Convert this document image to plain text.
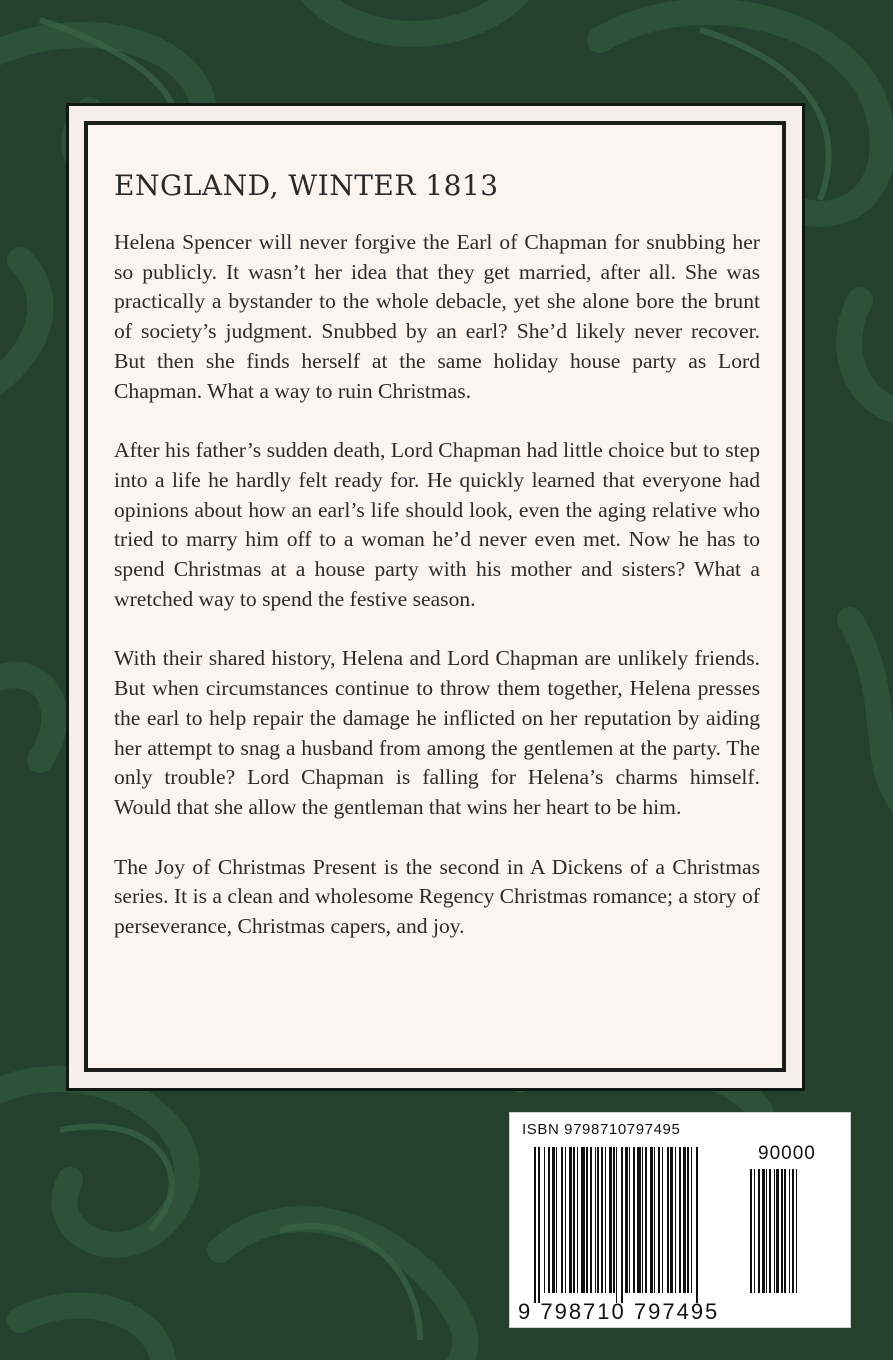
ENGLAND, WINTER 1813

Helena Spencer will never forgive the Earl of Chapman for snubbing her so publicly. It wasn’t her idea that they get married, after all. She was practically a bystander to the whole debacle, yet she alone bore the brunt of society’s judgment. Snubbed by an earl? She’d likely never recover. But then she finds herself at the same holiday house party as Lord Chapman. What a way to ruin Christmas.

After his father’s sudden death, Lord Chapman had little choice but to step into a life he hardly felt ready for. He quickly learned that everyone had opinions about how an earl’s life should look, even the aging relative who tried to marry him off to a woman he’d never even met. Now he has to spend Christmas at a house party with his mother and sisters? What a wretched way to spend the festive season.

With their shared history, Helena and Lord Chapman are unlikely friends. But when circumstances continue to throw them together, Helena presses the earl to help repair the damage he inflicted on her reputation by aiding her attempt to snag a husband from among the gentlemen at the party. The only trouble? Lord Chapman is falling for Helena’s charms himself. Would that she allow the gentleman that wins her heart to be him.

The Joy of Christmas Present is the second in A Dickens of a Christmas series. It is a clean and wholesome Regency Christmas romance; a story of perseverance, Christmas capers, and joy.

ISBN 9798710797495
90000
9 798710 797495
